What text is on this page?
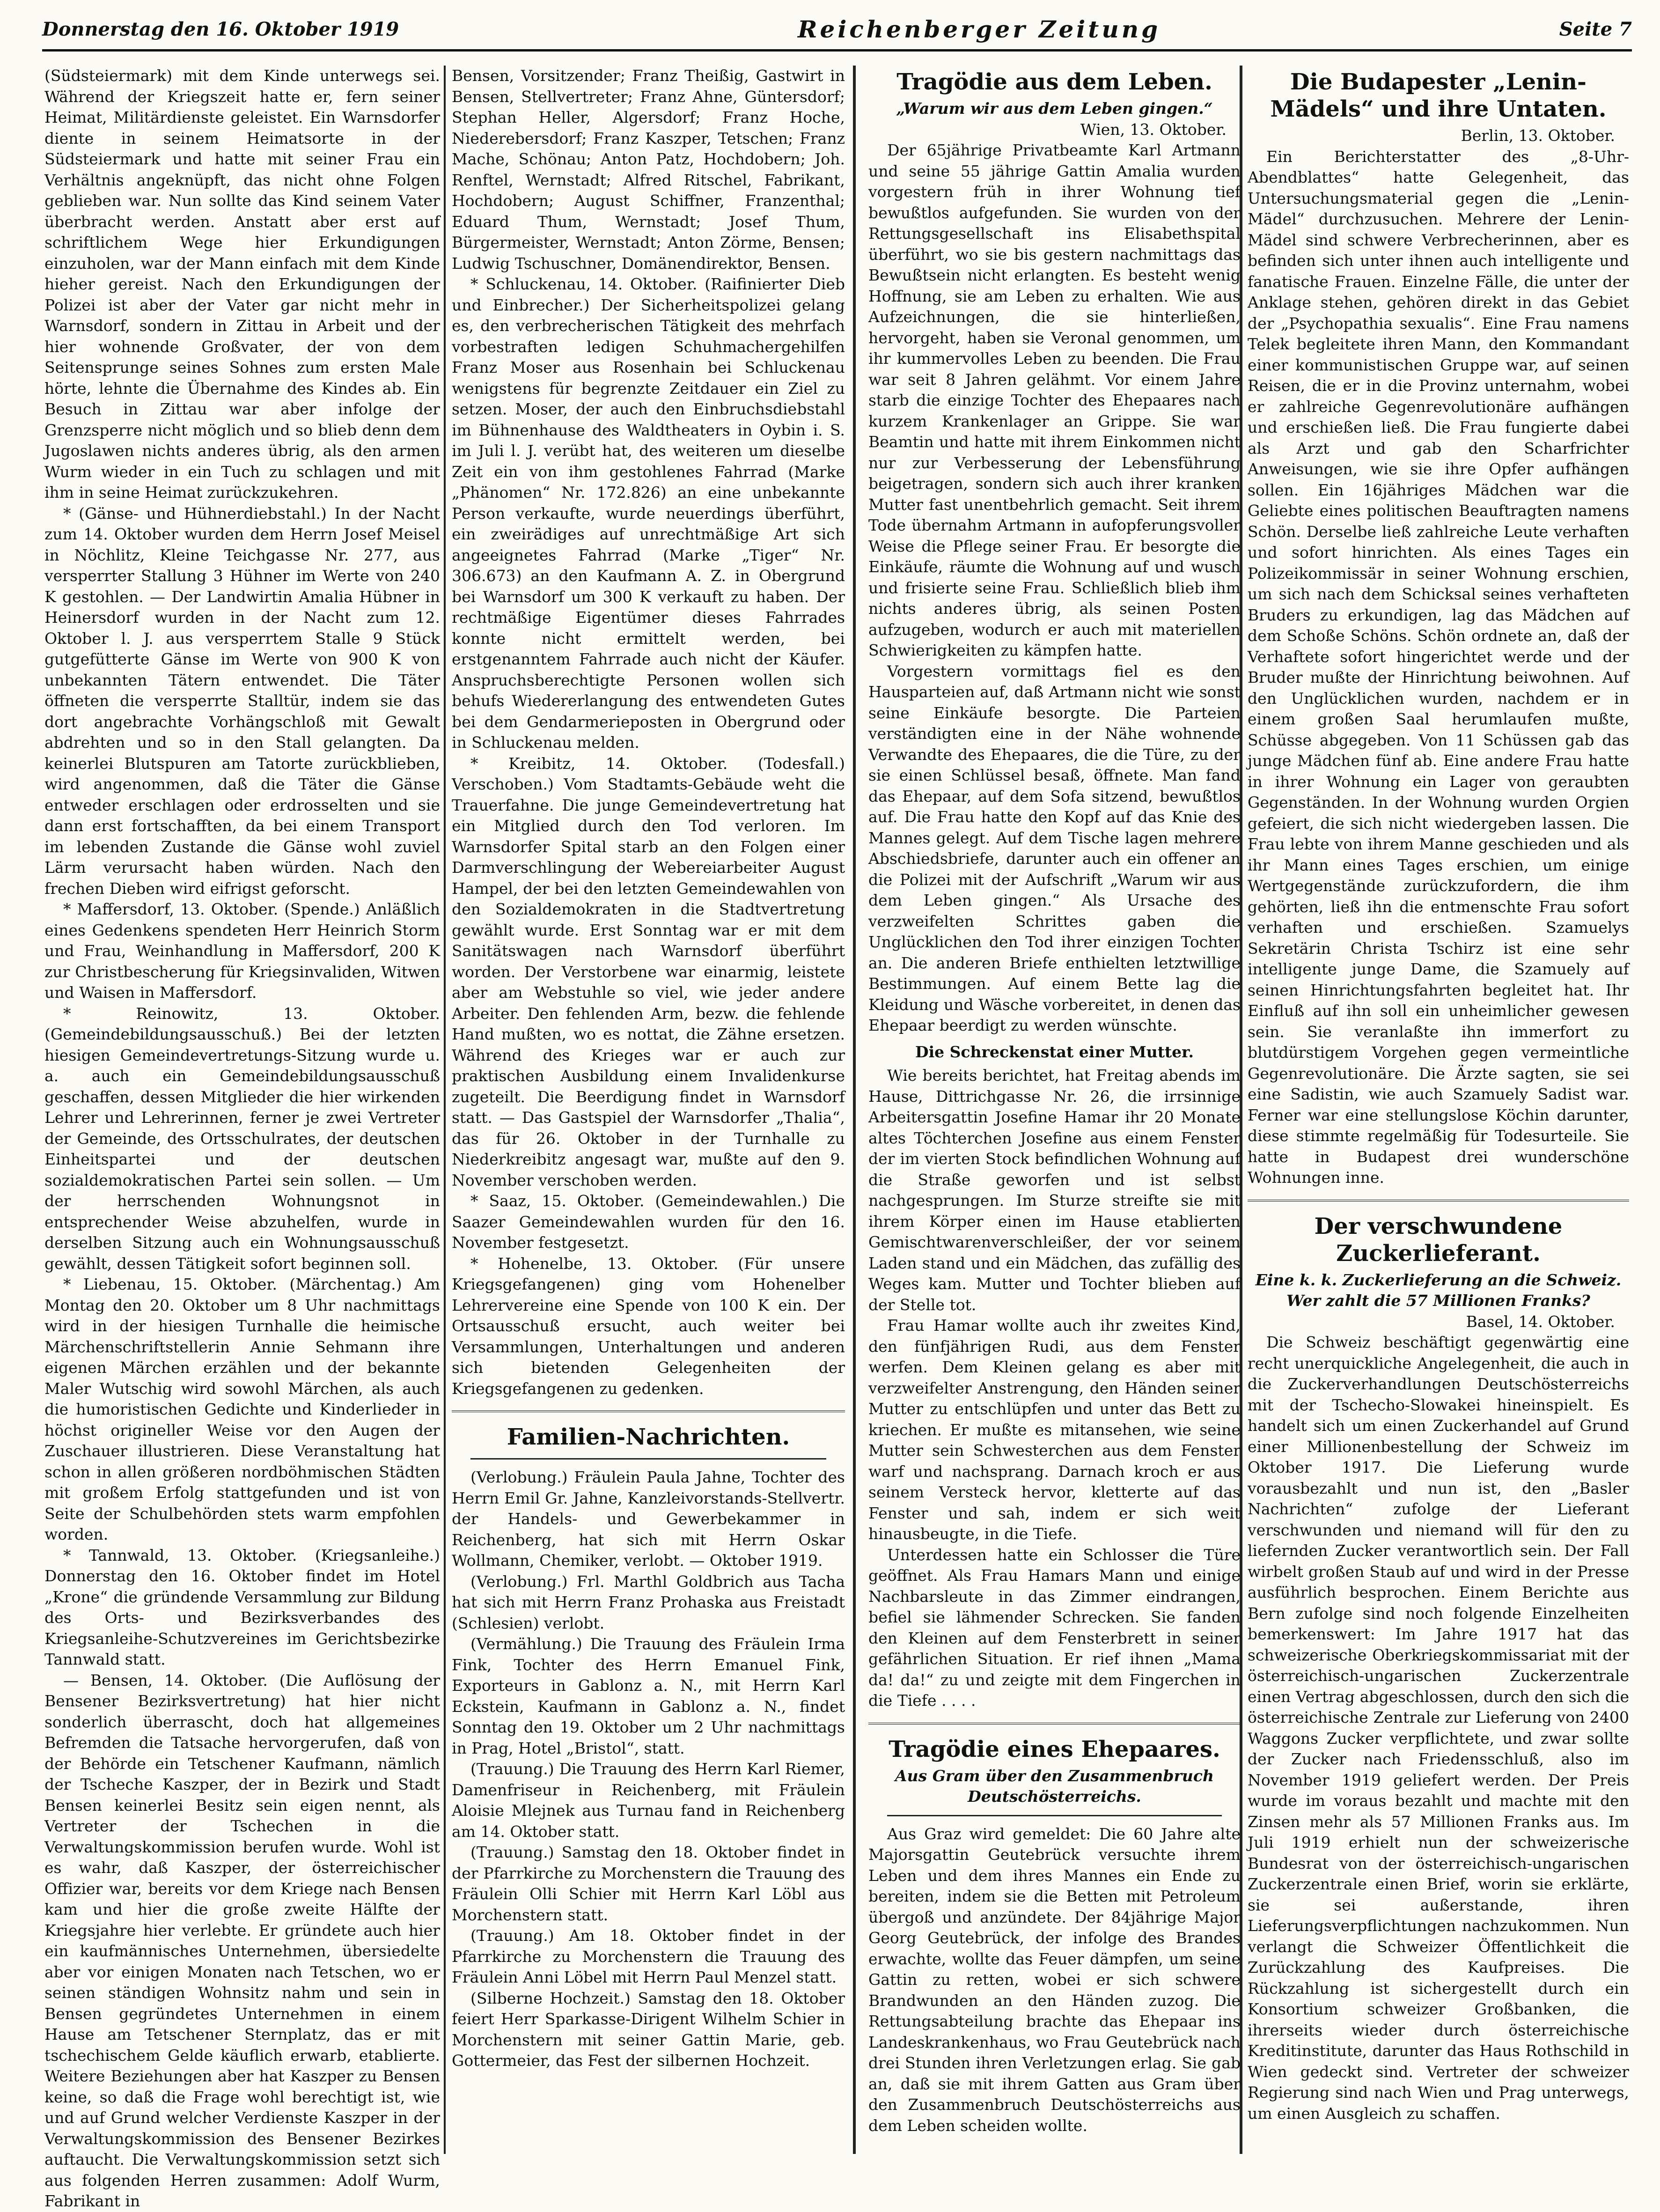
Donnerstag den 16. Oktober 1919	Reichenberger Zeitung	Seite 7

(Südsteiermark) mit dem Kinde unterwegs sei. Während der Kriegszeit hatte er, fern seiner Heimat, Militärdienste geleistet. Ein Warnsdorfer diente in seinem Heimatsorte in der Südsteiermark und hatte mit seiner Frau ein Verhältnis angeknüpft, das nicht ohne Folgen geblieben war. Nun sollte das Kind seinem Vater überbracht werden. Anstatt aber erst auf schriftlichem Wege hier Erkundigungen einzuholen, war der Mann einfach mit dem Kinde hieher gereist. Nach den Erkundigungen der Polizei ist aber der Vater gar nicht mehr in Warnsdorf, sondern in Zittau in Arbeit und der hier wohnende Großvater, der von dem Seitensprunge seines Sohnes zum ersten Male hörte, lehnte die Übernahme des Kindes ab. Ein Besuch in Zittau war aber infolge der Grenzsperre nicht möglich und so blieb denn dem Jugoslawen nichts anderes übrig, als den armen Wurm wieder in ein Tuch zu schlagen und mit ihm in seine Heimat zurückzukehren.

* (Gänse- und Hühnerdiebstahl.) In der Nacht zum 14. Oktober wurden dem Herrn Josef Meisel in Nöchlitz, Kleine Teichgasse Nr. 277, aus versperrter Stallung 3 Hühner im Werte von 240 K gestohlen. — Der Landwirtin Amalia Hübner in Heinersdorf wurden in der Nacht zum 12. Oktober l. J. aus versperrtem Stalle 9 Stück gutgefütterte Gänse im Werte von 900 K von unbekannten Tätern entwendet. Die Täter öffneten die versperrte Stalltür, indem sie das dort angebrachte Vorhängschloß mit Gewalt abdrehten und so in den Stall gelangten. Da keinerlei Blutspuren am Tatorte zurückblieben, wird angenommen, daß die Täter die Gänse entweder erschlagen oder erdrosselten und sie dann erst fortschafften, da bei einem Transport im lebenden Zustande die Gänse wohl zuviel Lärm verursacht haben würden. Nach den frechen Dieben wird eifrigst geforscht.

* Maffersdorf, 13. Oktober. (Spende.) Anläßlich eines Gedenkens spendeten Herr Heinrich Storm und Frau, Weinhandlung in Maffersdorf, 200 K zur Christbescherung für Kriegsinvaliden, Witwen und Waisen in Maffersdorf.

* Reinowitz, 13. Oktober. (Gemeindebildungsausschuß.) Bei der letzten hiesigen Gemeindevertretungs-Sitzung wurde u. a. auch ein Gemeindebildungsausschuß geschaffen, dessen Mitglieder die hier wirkenden Lehrer und Lehrerinnen, ferner je zwei Vertreter der Gemeinde, des Ortsschulrates, der deutschen Einheitspartei und der deutschen sozialdemokratischen Partei sein sollen. — Um der herrschenden Wohnungsnot in entsprechender Weise abzuhelfen, wurde in derselben Sitzung auch ein Wohnungsausschuß gewählt, dessen Tätigkeit sofort beginnen soll.

* Liebenau, 15. Oktober. (Märchentag.) Am Montag den 20. Oktober um 8 Uhr nachmittags wird in der hiesigen Turnhalle die heimische Märchenschriftstellerin Annie Sehmann ihre eigenen Märchen erzählen und der bekannte Maler Wutschig wird sowohl Märchen, als auch die humoristischen Gedichte und Kinderlieder in höchst origineller Weise vor den Augen der Zuschauer illustrieren. Diese Veranstaltung hat schon in allen größeren nordböhmischen Städten mit großem Erfolg stattgefunden und ist von Seite der Schulbehörden stets warm empfohlen worden.

* Tannwald, 13. Oktober. (Kriegsanleihe.) Donnerstag den 16. Oktober findet im Hotel „Krone“ die gründende Versammlung zur Bildung des Orts- und Bezirksverbandes des Kriegsanleihe-Schutzvereines im Gerichtsbezirke Tannwald statt.

— Bensen, 14. Oktober. (Die Auflösung der Bensener Bezirksvertretung) hat hier nicht sonderlich überrascht, doch hat allgemeines Befremden die Tatsache hervorgerufen, daß von der Behörde ein Tetschener Kaufmann, nämlich der Tscheche Kaszper, der in Bezirk und Stadt Bensen keinerlei Besitz sein eigen nennt, als Vertreter der Tschechen in die Verwaltungskommission berufen wurde. Wohl ist es wahr, daß Kaszper, der österreichischer Offizier war, bereits vor dem Kriege nach Bensen kam und hier die große zweite Hälfte der Kriegsjahre hier verlebte. Er gründete auch hier ein kaufmännisches Unternehmen, übersiedelte aber vor einigen Monaten nach Tetschen, wo er seinen ständigen Wohnsitz nahm und sein in Bensen gegründetes Unternehmen in einem Hause am Tetschener Sternplatz, das er mit tschechischem Gelde käuflich erwarb, etablierte. Weitere Beziehungen aber hat Kaszper zu Bensen keine, so daß die Frage wohl berechtigt ist, wie und auf Grund welcher Verdienste Kaszper in der Verwaltungskommission des Bensener Bezirkes auftaucht. Die Verwaltungskommission setzt sich aus folgenden Herren zusammen: Adolf Wurm, Fabrikant in

Bensen, Vorsitzender; Franz Theißig, Gastwirt in Bensen, Stellvertreter; Franz Ahne, Güntersdorf; Stephan Heller, Algersdorf; Franz Hoche, Niederebersdorf; Franz Kaszper, Tetschen; Franz Mache, Schönau; Anton Patz, Hochdobern; Joh. Renftel, Wernstadt; Alfred Ritschel, Fabrikant, Hochdobern; August Schiffner, Franzenthal; Eduard Thum, Wernstadt; Josef Thum, Bürgermeister, Wernstadt; Anton Zörme, Bensen; Ludwig Tschuschner, Domänendirektor, Bensen.

* Schluckenau, 14. Oktober. (Raifinierter Dieb und Einbrecher.) Der Sicherheitspolizei gelang es, den verbrecherischen Tätigkeit des mehrfach vorbestraften ledigen Schuhmachergehilfen Franz Moser aus Rosenhain bei Schluckenau wenigstens für begrenzte Zeitdauer ein Ziel zu setzen. Moser, der auch den Einbruchsdiebstahl im Bühnenhause des Waldtheaters in Oybin i. S. im Juli l. J. verübt hat, des weiteren um dieselbe Zeit ein von ihm gestohlenes Fahrrad (Marke „Phänomen“ Nr. 172.826) an eine unbekannte Person verkaufte, wurde neuerdings überführt, ein zweirädiges auf unrechtmäßige Art sich angeeignetes Fahrrad (Marke „Tiger“ Nr. 306.673) an den Kaufmann A. Z. in Obergrund bei Warnsdorf um 300 K verkauft zu haben. Der rechtmäßige Eigentümer dieses Fahrrades konnte nicht ermittelt werden, bei erstgenanntem Fahrrade auch nicht der Käufer. Anspruchsberechtigte Personen wollen sich behufs Wiedererlangung des entwendeten Gutes bei dem Gendarmerieposten in Obergrund oder in Schluckenau melden.

* Kreibitz, 14. Oktober. (Todesfall.) Verschoben.) Vom Stadtamts-Gebäude weht die Trauerfahne. Die junge Gemeindevertretung hat ein Mitglied durch den Tod verloren. Im Warnsdorfer Spital starb an den Folgen einer Darmverschlingung der Webereiarbeiter August Hampel, der bei den letzten Gemeindewahlen von den Sozialdemokraten in die Stadtvertretung gewählt wurde. Erst Sonntag war er mit dem Sanitätswagen nach Warnsdorf überführt worden. Der Verstorbene war einarmig, leistete aber am Webstuhle so viel, wie jeder andere Arbeiter. Den fehlenden Arm, bezw. die fehlende Hand mußten, wo es nottat, die Zähne ersetzen. Während des Krieges war er auch zur praktischen Ausbildung einem Invalidenkurse zugeteilt. Die Beerdigung findet in Warnsdorf statt. — Das Gastspiel der Warnsdorfer „Thalia“, das für 26. Oktober in der Turnhalle zu Niederkreibitz angesagt war, mußte auf den 9. November verschoben werden.

* Saaz, 15. Oktober. (Gemeindewahlen.) Die Saazer Gemeindewahlen wurden für den 16. November festgesetzt.

* Hohenelbe, 13. Oktober. (Für unsere Kriegsgefangenen) ging vom Hohenelber Lehrervereine eine Spende von 100 K ein. Der Ortsausschuß ersucht, auch weiter bei Versammlungen, Unterhaltungen und anderen sich bietenden Gelegenheiten der Kriegsgefangenen zu gedenken.

Familien-Nachrichten.

(Verlobung.) Fräulein Paula Jahne, Tochter des Herrn Emil Gr. Jahne, Kanzleivorstands-Stellvertr. der Handels- und Gewerbekammer in Reichenberg, hat sich mit Herrn Oskar Wollmann, Chemiker, verlobt. — Oktober 1919.

(Verlobung.) Frl. Marthl Goldbrich aus Tacha hat sich mit Herrn Franz Prohaska aus Freistadt (Schlesien) verlobt.

(Vermählung.) Die Trauung des Fräulein Irma Fink, Tochter des Herrn Emanuel Fink, Exporteurs in Gablonz a. N., mit Herrn Karl Eckstein, Kaufmann in Gablonz a. N., findet Sonntag den 19. Oktober um 2 Uhr nachmittags in Prag, Hotel „Bristol“, statt.

(Trauung.) Die Trauung des Herrn Karl Riemer, Damenfriseur in Reichenberg, mit Fräulein Aloisie Mlejnek aus Turnau fand in Reichenberg am 14. Oktober statt.

(Trauung.) Samstag den 18. Oktober findet in der Pfarrkirche zu Morchenstern die Trauung des Fräulein Olli Schier mit Herrn Karl Löbl aus Morchenstern statt.

(Trauung.) Am 18. Oktober findet in der Pfarrkirche zu Morchenstern die Trauung des Fräulein Anni Löbel mit Herrn Paul Menzel statt.

(Silberne Hochzeit.) Samstag den 18. Oktober feiert Herr Sparkasse-Dirigent Wilhelm Schier in Morchenstern mit seiner Gattin Marie, geb. Gottermeier, das Fest der silbernen Hochzeit.

Tragödie aus dem Leben.

„Warum wir aus dem Leben gingen.“

Wien, 13. Oktober.

Der 65jährige Privatbeamte Karl Artmann und seine 55 jährige Gattin Amalia wurden vorgestern früh in ihrer Wohnung tief bewußtlos aufgefunden. Sie wurden von der Rettungsgesellschaft ins Elisabethspital überführt, wo sie bis gestern nachmittags das Bewußtsein nicht erlangten. Es besteht wenig Hoffnung, sie am Leben zu erhalten. Wie aus Aufzeichnungen, die sie hinterließen, hervorgeht, haben sie Veronal genommen, um ihr kummervolles Leben zu beenden. Die Frau war seit 8 Jahren gelähmt. Vor einem Jahre starb die einzige Tochter des Ehepaares nach kurzem Krankenlager an Grippe. Sie war Beamtin und hatte mit ihrem Einkommen nicht nur zur Verbesserung der Lebensführung beigetragen, sondern sich auch ihrer kranken Mutter fast unentbehrlich gemacht. Seit ihrem Tode übernahm Artmann in aufopferungsvoller Weise die Pflege seiner Frau. Er besorgte die Einkäufe, räumte die Wohnung auf und wusch und frisierte seine Frau. Schließlich blieb ihm nichts anderes übrig, als seinen Posten aufzugeben, wodurch er auch mit materiellen Schwierigkeiten zu kämpfen hatte.

Vorgestern vormittags fiel es den Hausparteien auf, daß Artmann nicht wie sonst seine Einkäufe besorgte. Die Parteien verständigten eine in der Nähe wohnende Verwandte des Ehepaares, die die Türe, zu der sie einen Schlüssel besaß, öffnete. Man fand das Ehepaar, auf dem Sofa sitzend, bewußtlos auf. Die Frau hatte den Kopf auf das Knie des Mannes gelegt. Auf dem Tische lagen mehrere Abschiedsbriefe, darunter auch ein offener an die Polizei mit der Aufschrift „Warum wir aus dem Leben gingen.“ Als Ursache des verzweifelten Schrittes gaben die Unglücklichen den Tod ihrer einzigen Tochter an. Die anderen Briefe enthielten letztwillige Bestimmungen. Auf einem Bette lag die Kleidung und Wäsche vorbereitet, in denen das Ehepaar beerdigt zu werden wünschte.

Die Schreckenstat einer Mutter.

Wie bereits berichtet, hat Freitag abends im Hause, Dittrichgasse Nr. 26, die irrsinnige Arbeitersgattin Josefine Hamar ihr 20 Monate altes Töchterchen Josefine aus einem Fenster der im vierten Stock befindlichen Wohnung auf die Straße geworfen und ist selbst nachgesprungen. Im Sturze streifte sie mit ihrem Körper einen im Hause etablierten Gemischtwarenverschleißer, der vor seinem Laden stand und ein Mädchen, das zufällig des Weges kam. Mutter und Tochter blieben auf der Stelle tot.

Frau Hamar wollte auch ihr zweites Kind, den fünfjährigen Rudi, aus dem Fenster werfen. Dem Kleinen gelang es aber mit verzweifelter Anstrengung, den Händen seiner Mutter zu entschlüpfen und unter das Bett zu kriechen. Er mußte es mitansehen, wie seine Mutter sein Schwesterchen aus dem Fenster warf und nachsprang. Darnach kroch er aus seinem Versteck hervor, kletterte auf das Fenster und sah, indem er sich weit hinausbeugte, in die Tiefe.

Unterdessen hatte ein Schlosser die Türe geöffnet. Als Frau Hamars Mann und einige Nachbarsleute in das Zimmer eindrangen, befiel sie lähmender Schrecken. Sie fanden den Kleinen auf dem Fensterbrett in seiner gefährlichen Situation. Er rief ihnen „Mama da! da!“ zu und zeigte mit dem Fingerchen in die Tiefe . . . .

Tragödie eines Ehepaares.

Aus Gram über den Zusammenbruch Deutschösterreichs.

Aus Graz wird gemeldet: Die 60 Jahre alte Majorsgattin Geutebrück versuchte ihrem Leben und dem ihres Mannes ein Ende zu bereiten, indem sie die Betten mit Petroleum übergoß und anzündete. Der 84jährige Major Georg Geutebrück, der infolge des Brandes erwachte, wollte das Feuer dämpfen, um seine Gattin zu retten, wobei er sich schwere Brandwunden an den Händen zuzog. Die Rettungsabteilung brachte das Ehepaar ins Landeskrankenhaus, wo Frau Geutebrück nach drei Stunden ihren Verletzungen erlag. Sie gab an, daß sie mit ihrem Gatten aus Gram über den Zusammenbruch Deutschösterreichs aus dem Leben scheiden wollte.

Die Budapester „Lenin-Mädels“ und ihre Untaten.

Berlin, 13. Oktober.

Ein Berichterstatter des „8-Uhr-Abendblattes“ hatte Gelegenheit, das Untersuchungsmaterial gegen die „Lenin-Mädel“ durchzusuchen. Mehrere der Lenin-Mädel sind schwere Verbrecherinnen, aber es befinden sich unter ihnen auch intelligente und fanatische Frauen. Einzelne Fälle, die unter der Anklage stehen, gehören direkt in das Gebiet der „Psychopathia sexualis“. Eine Frau namens Telek begleitete ihren Mann, den Kommandant einer kommunistischen Gruppe war, auf seinen Reisen, die er in die Provinz unternahm, wobei er zahlreiche Gegenrevolutionäre aufhängen und erschießen ließ. Die Frau fungierte dabei als Arzt und gab den Scharfrichter Anweisungen, wie sie ihre Opfer aufhängen sollen. Ein 16jähriges Mädchen war die Geliebte eines politischen Beauftragten namens Schön. Derselbe ließ zahlreiche Leute verhaften und sofort hinrichten. Als eines Tages ein Polizeikommissär in seiner Wohnung erschien, um sich nach dem Schicksal seines verhafteten Bruders zu erkundigen, lag das Mädchen auf dem Schoße Schöns. Schön ordnete an, daß der Verhaftete sofort hingerichtet werde und der Bruder mußte der Hinrichtung beiwohnen. Auf den Unglücklichen wurden, nachdem er in einem großen Saal herumlaufen mußte, Schüsse abgegeben. Von 11 Schüssen gab das junge Mädchen fünf ab. Eine andere Frau hatte in ihrer Wohnung ein Lager von geraubten Gegenständen. In der Wohnung wurden Orgien gefeiert, die sich nicht wiedergeben lassen. Die Frau lebte von ihrem Manne geschieden und als ihr Mann eines Tages erschien, um einige Wertgegenstände zurückzufordern, die ihm gehörten, ließ ihn die entmenschte Frau sofort verhaften und erschießen. Szamuelys Sekretärin Christa Tschirz ist eine sehr intelligente junge Dame, die Szamuely auf seinen Hinrichtungsfahrten begleitet hat. Ihr Einfluß auf ihn soll ein unheimlicher gewesen sein. Sie veranlaßte ihn immerfort zu blutdürstigem Vorgehen gegen vermeintliche Gegenrevolutionäre. Die Ärzte sagten, sie sei eine Sadistin, wie auch Szamuely Sadist war. Ferner war eine stellungslose Köchin darunter, diese stimmte regelmäßig für Todesurteile. Sie hatte in Budapest drei wunderschöne Wohnungen inne.

Der verschwundene Zuckerlieferant.

Eine k. k. Zuckerlieferung an die Schweiz.

Wer zahlt die 57 Millionen Franks?

Basel, 14. Oktober.

Die Schweiz beschäftigt gegenwärtig eine recht unerquickliche Angelegenheit, die auch in die Zuckerverhandlungen Deutschösterreichs mit der Tschecho-Slowakei hineinspielt. Es handelt sich um einen Zuckerhandel auf Grund einer Millionenbestellung der Schweiz im Oktober 1917. Die Lieferung wurde vorausbezahlt und nun ist, den „Basler Nachrichten“ zufolge der Lieferant verschwunden und niemand will für den zu liefernden Zucker verantwortlich sein. Der Fall wirbelt großen Staub auf und wird in der Presse ausführlich besprochen. Einem Berichte aus Bern zufolge sind noch folgende Einzelheiten bemerkenswert: Im Jahre 1917 hat das schweizerische Oberkriegskommissariat mit der österreichisch-ungarischen Zuckerzentrale einen Vertrag abgeschlossen, durch den sich die österreichische Zentrale zur Lieferung von 2400 Waggons Zucker verpflichtete, und zwar sollte der Zucker nach Friedensschluß, also im November 1919 geliefert werden. Der Preis wurde im voraus bezahlt und machte mit den Zinsen mehr als 57 Millionen Franks aus. Im Juli 1919 erhielt nun der schweizerische Bundesrat von der österreichisch-ungarischen Zuckerzentrale einen Brief, worin sie erklärte, sie sei außerstande, ihren Lieferungsverpflichtungen nachzukommen. Nun verlangt die Schweizer Öffentlichkeit die Zurückzahlung des Kaufpreises. Die Rückzahlung ist sichergestellt durch ein Konsortium schweizer Großbanken, die ihrerseits wieder durch österreichische Kreditinstitute, darunter das Haus Rothschild in Wien gedeckt sind. Vertreter der schweizer Regierung sind nach Wien und Prag unterwegs, um einen Ausgleich zu schaffen.
